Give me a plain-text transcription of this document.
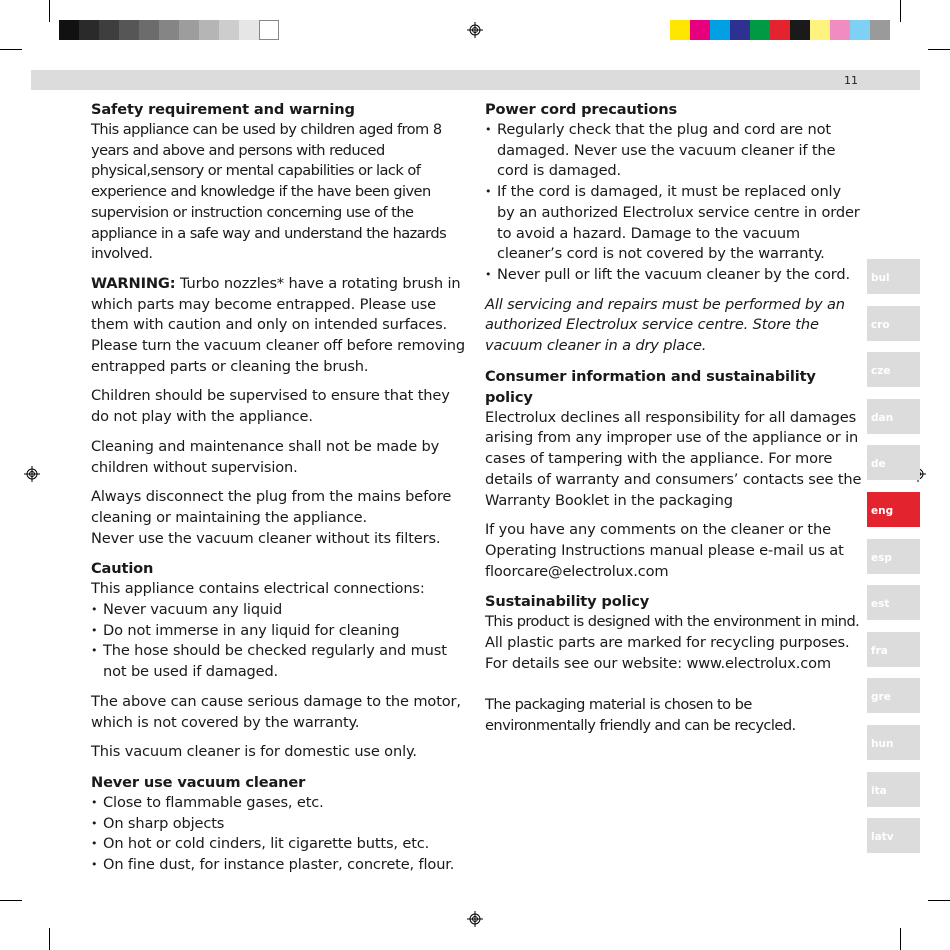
11
Safety requirement and warning

This appliance can be used by children aged from 8 years and above and persons with reduced physical,sensory or mental capabilities or lack of experience and knowledge if the have been given supervision or instruction concerning use of the appliance in a safe way and understand the hazards involved.

WARNING: Turbo nozzles* have a rotating brush in which parts may become entrapped. Please use them with caution and only on intended surfaces. Please turn the vacuum cleaner off before removing entrapped parts or cleaning the brush.

Children should be supervised to ensure that they do not play with the appliance.

Cleaning and maintenance shall not be made by children without supervision.

Always disconnect the plug from the mains before cleaning or maintaining the appliance.

Never use the vacuum cleaner without its filters.

Caution
This appliance contains electrical connections:
• Never vacuum any liquid
• Do not immerse in any liquid for cleaning
• The hose should be checked regularly and must not be used if damaged.

The above can cause serious damage to the motor, which is not covered by the warranty.

This vacuum cleaner is for domestic use only.

Never use vacuum cleaner
• Close to flammable gases, etc.
• On sharp objects
• On hot or cold cinders, lit cigarette butts, etc.
• On fine dust, for instance plaster, concrete, flour.
Power cord precautions
• Regularly check that the plug and cord are not damaged. Never use the vacuum cleaner if the cord is damaged.
• If the cord is damaged, it must be replaced only by an authorized Electrolux service centre in order to avoid a hazard. Damage to the vacuum cleaner’s cord is not covered by the warranty.
• Never pull or lift the vacuum cleaner by the cord.

All servicing and repairs must be performed by an authorized Electrolux service centre. Store the vacuum cleaner in a dry place.

Consumer information and sustainability policy

Electrolux declines all responsibility for all damages arising from any improper use of the appliance or in cases of tampering with the appliance. For more details of warranty and consumers’ contacts see the Warranty Booklet in the packaging

If you have any comments on the cleaner or the Operating Instructions manual please e-mail us at floorcare@electrolux.com

Sustainability policy
This product is designed with the environment in mind.
All plastic parts are marked for recycling purposes.
For details see our website: www.electrolux.com

The packaging material is chosen to be environmentally friendly and can be recycled.

bul
cro
cze
dan
de
eng
esp
est
fra
gre
hun
ita
latv
